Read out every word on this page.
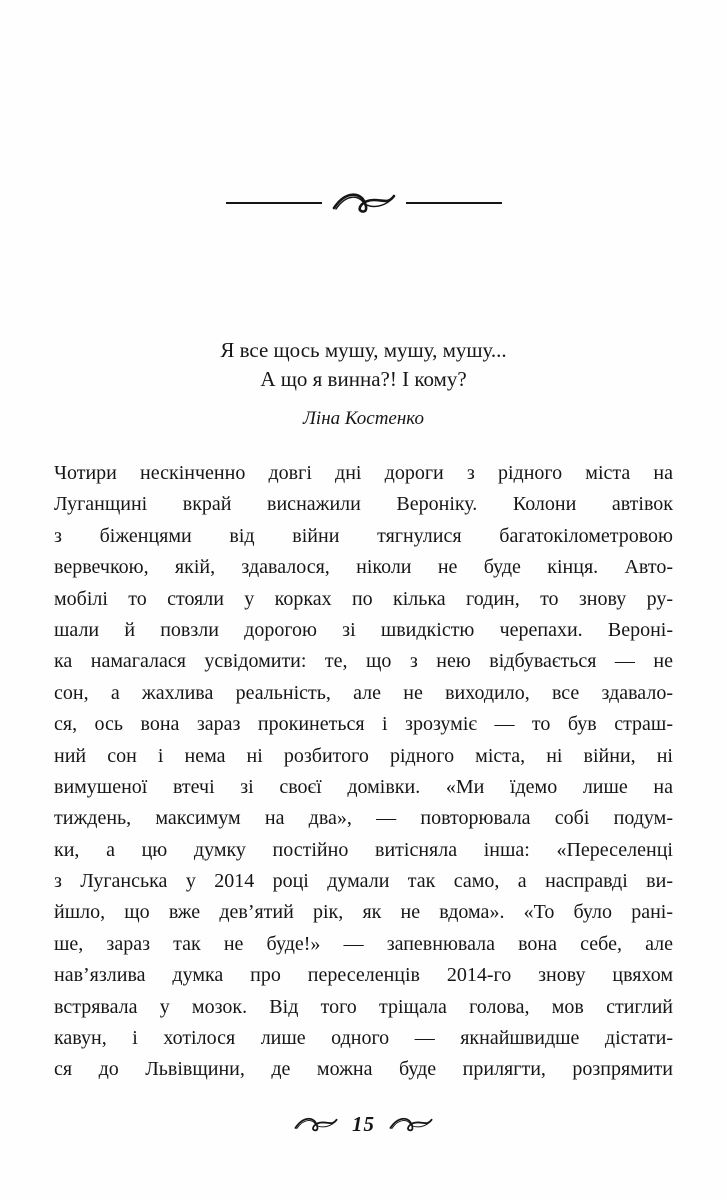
Я все щось мушу, мушу, мушу...
А що я винна?! І кому?
Ліна Костенко
Чотири нескінченно довгі дні дороги з рідного міста на
Луганщині вкрай виснажили Вероніку. Колони автівок
з біженцями від війни тягнулися багатокілометровою
вервечкою, якій, здавалося, ніколи не буде кінця. Авто-
мобілі то стояли у корках по кілька годин, то знову ру-
шали й повзли дорогою зі швидкістю черепахи. Вероні-
ка намагалася усвідомити: те, що з нею відбувається — не
сон, а жахлива реальність, але не виходило, все здавало-
ся, ось вона зараз прокинеться і зрозуміє — то був страш-
ний сон і нема ні розбитого рідного міста, ні війни, ні
вимушеної втечі зі своєї домівки. «Ми їдемо лише на
тиждень, максимум на два», — повторювала собі подум-
ки, а цю думку постійно витісняла інша: «Переселенці
з Луганська у 2014 році думали так само, а насправді ви-
йшло, що вже дев’ятий рік, як не вдома». «То було рані-
ше, зараз так не буде!» — запевнювала вона себе, але
нав’язлива думка про переселенців 2014-го знову цвяхом
встрявала у мозок. Від того тріщала голова, мов стиглий
кавун, і хотілося лише одного — якнайшвидше дістати-
ся до Львівщини, де можна буде прилягти, розпрямити
15
